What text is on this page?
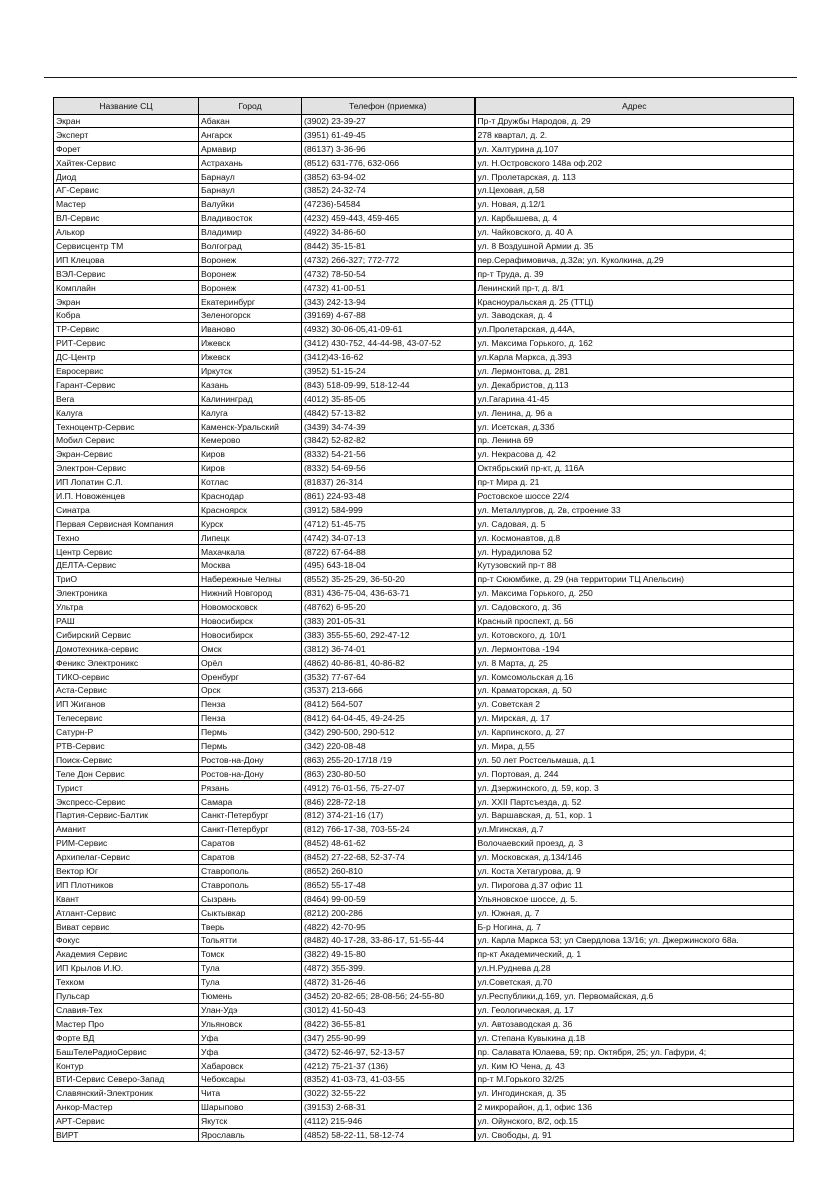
Название СЦ	Город	Телефон (приемка)	Адрес
Экран	Абакан	(3902) 23-39-27	Пр-т Дружбы Народов, д. 29
Эксперт	Ангарск	(3951) 61-49-45	278 квартал, д. 2.
Форет	Армавир	(86137) 3-36-96	ул. Халтурина д.107
Хайтек-Сервис	Астрахань	(8512) 631-776, 632-066	ул. Н.Островского 148а оф.202
Диод	Барнаул	(3852) 63-94-02	ул. Пролетарская, д. 113
АГ-Сервис	Барнаул	(3852) 24-32-74	ул.Цеховая, д.58
Мастер	Валуйки	(47236)-54584	ул. Новая, д.12/1
ВЛ-Сервис	Владивосток	(4232) 459-443, 459-465	ул. Карбышева, д. 4
Алькор	Владимир	(4922) 34-86-60	ул. Чайковского, д. 40 А
Сервисцентр ТМ	Волгоград	(8442) 35-15-81	ул. 8 Воздушной Армии д. 35
ИП Клецова	Воронеж	(4732) 266-327; 772-772	пер.Серафимовича, д.32а; ул. Куколкина, д.29
ВЭЛ-Сервис	Воронеж	(4732) 78-50-54	пр-т Труда, д. 39
Комплайн	Воронеж	(4732) 41-00-51	Ленинский пр-т, д. 8/1
Экран	Екатеринбург	(343) 242-13-94	Красноуральская д. 25 (ТТЦ)
Кобра	Зеленогорск	(39169) 4-67-88	ул. Заводская, д. 4
ТР-Сервис	Иваново	(4932) 30-06-05,41-09-61	ул.Пролетарская, д.44А,
РИТ-Сервис	Ижевск	(3412) 430-752, 44-44-98, 43-07-52	ул. Максима Горького, д. 162
ДС-Центр	Ижевск	(3412)43-16-62	ул.Карла Маркса, д.393
Евросервис	Иркутск	(3952) 51-15-24	ул. Лермонтова, д. 281
Гарант-Сервис	Казань	(843) 518-09-99, 518-12-44	ул. Декабристов, д.113
Вега	Калининград	(4012) 35-85-05	ул.Гагарина 41-45
Калуга	Калуга	(4842) 57-13-82	ул. Ленина, д. 96 а
Техноцентр-Сервис	Каменск-Уральский	(3439) 34-74-39	ул. Исетская, д.33б
Мобил Сервис	Кемерово	(3842) 52-82-82	пр. Ленина 69
Экран-Сервис	Киров	(8332) 54-21-56	ул. Некрасова д. 42
Электрон-Сервис	Киров	(8332) 54-69-56	Октябрьский пр-кт, д. 116А
ИП Лопатин С.Л.	Котлас	(81837) 26-314	пр-т Мира д. 21
И.П. Новоженцев	Краснодар	(861) 224-93-48	Ростовское шоссе 22/4
Синатра	Красноярск	(3912) 584-999	ул. Металлургов, д. 2в, строение 33
Первая Сервисная Компания	Курск	(4712) 51-45-75	ул. Садовая, д. 5
Техно	Липецк	(4742) 34-07-13	ул. Космонавтов, д.8
Центр Сервис	Махачкала	(8722) 67-64-88	ул. Нурадилова 52
ДЕЛТА-Сервис	Москва	(495) 643-18-04	Кутузовский пр-т 88
ТриО	Набережные Челны	(8552) 35-25-29, 36-50-20	пр-т Сююмбике, д. 29 (на территории ТЦ Апельсин)
Электроника	Нижний Новгород	(831) 436-75-04, 436-63-71	ул. Максима Горького, д. 250
Ультра	Новомосковск	(48762) 6-95-20	ул. Садовского, д. 36
РАШ	Новосибирск	(383) 201-05-31	Красный проспект, д. 56
Сибирский Сервис	Новосибирск	(383) 355-55-60, 292-47-12	ул. Котовского, д. 10/1
Домотехника-сервис	Омск	(3812) 36-74-01	ул. Лермонтова -194
Феникс Электроникс	Орёл	(4862) 40-86-81, 40-86-82	ул. 8 Марта, д. 25
ТИКО-сервис	Оренбург	(3532) 77-67-64	ул. Комсомольская д.16
Аста-Сервис	Орск	(3537) 213-666	ул. Краматорская, д. 50
ИП Жиганов	Пенза	(8412) 564-507	ул. Советская 2
Телесервис	Пенза	(8412) 64-04-45, 49-24-25	ул. Мирская, д. 17
Сатурн-Р	Пермь	(342) 290-500, 290-512	ул. Карпинского, д. 27
РТВ-Сервис	Пермь	(342) 220-08-48	ул. Мира, д.55
Поиск-Сервис	Ростов-на-Дону	(863) 255-20-17/18 /19	ул. 50 лет Ростсельмаша, д.1
Теле Дон Сервис	Ростов-на-Дону	(863) 230-80-50	ул. Портовая, д. 244
Турист	Рязань	(4912) 76-01-56, 75-27-07	ул. Дзержинского, д. 59, кор. 3
Экспресс-Сервис	Самара	(846) 228-72-18	ул. XXII Партсъезда, д. 52
Партия-Сервис-Балтик	Санкт-Петербург	(812) 374-21-16 (17)	ул. Варшавская, д. 51, кор. 1
Аманит	Санкт-Петербург	(812) 766-17-38, 703-55-24	ул.Мгинская, д.7
РИМ-Сервис	Саратов	(8452) 48-61-62	Волочаевский проезд, д. 3
Архипелаг-Сервис	Саратов	(8452) 27-22-68, 52-37-74	ул. Московская, д.134/146
Вектор Юг	Ставрополь	(8652) 260-810	ул. Коста Хетагурова, д. 9
ИП Плотников	Ставрополь	(8652) 55-17-48	ул. Пирогова д.37 офис 11
Квант	Сызрань	(8464) 99-00-59	Ульяновское шоссе, д. 5.
Атлант-Сервис	Сыктывкар	(8212) 200-286	ул. Южная, д. 7
Виват сервис	Тверь	(4822) 42-70-95	Б-р Ногина, д. 7
Фокус	Тольятти	(8482) 40-17-28, 33-86-17, 51-55-44	ул. Карла Маркса 53; ул Свердлова 13/16; ул. Джержинского 68а.
Академия Сервис	Томск	(3822) 49-15-80	пр-кт Академический, д. 1
ИП Крылов И.Ю.	Тула	(4872) 355-399.	ул.Н.Руднева д.28
Техком	Тула	(4872) 31-26-46	ул.Советская, д.70
Пульсар	Тюмень	(3452) 20-82-65; 28-08-56; 24-55-80	ул.Республики,д.169, ул. Первомайская, д.6
Славия-Тех	Улан-Удэ	(3012) 41-50-43	ул. Геологическая, д. 17
Мастер Про	Ульяновск	(8422) 36-55-81	ул. Автозаводская д. 36
Форте ВД	Уфа	(347) 255-90-99	ул. Степана Кувыкина д.18
БашТелеРадиоСервис	Уфа	(3472) 52-46-97, 52-13-57	пр. Салавата Юлаева, 59; пр. Октября, 25; ул. Гафури, 4;
Контур	Хабаровск	(4212) 75-21-37 (136)	ул. Ким Ю Чена, д. 43
ВТИ-Сервис Северо-Запад	Чебоксары	(8352) 41-03-73, 41-03-55	пр-т М.Горького 32/25
Славянский-Электроник	Чита	(3022) 32-55-22	ул. Ингодинская, д. 35
Анкор-Мастер	Шарыпово	(39153) 2-68-31	2 микрорайон, д.1, офис 136
АРТ-Сервис	Якутск	(4112) 215-946	ул. Ойунского, 8/2, оф.15
ВИРТ	Ярославль	(4852) 58-22-11, 58-12-74	ул. Свободы, д. 91
